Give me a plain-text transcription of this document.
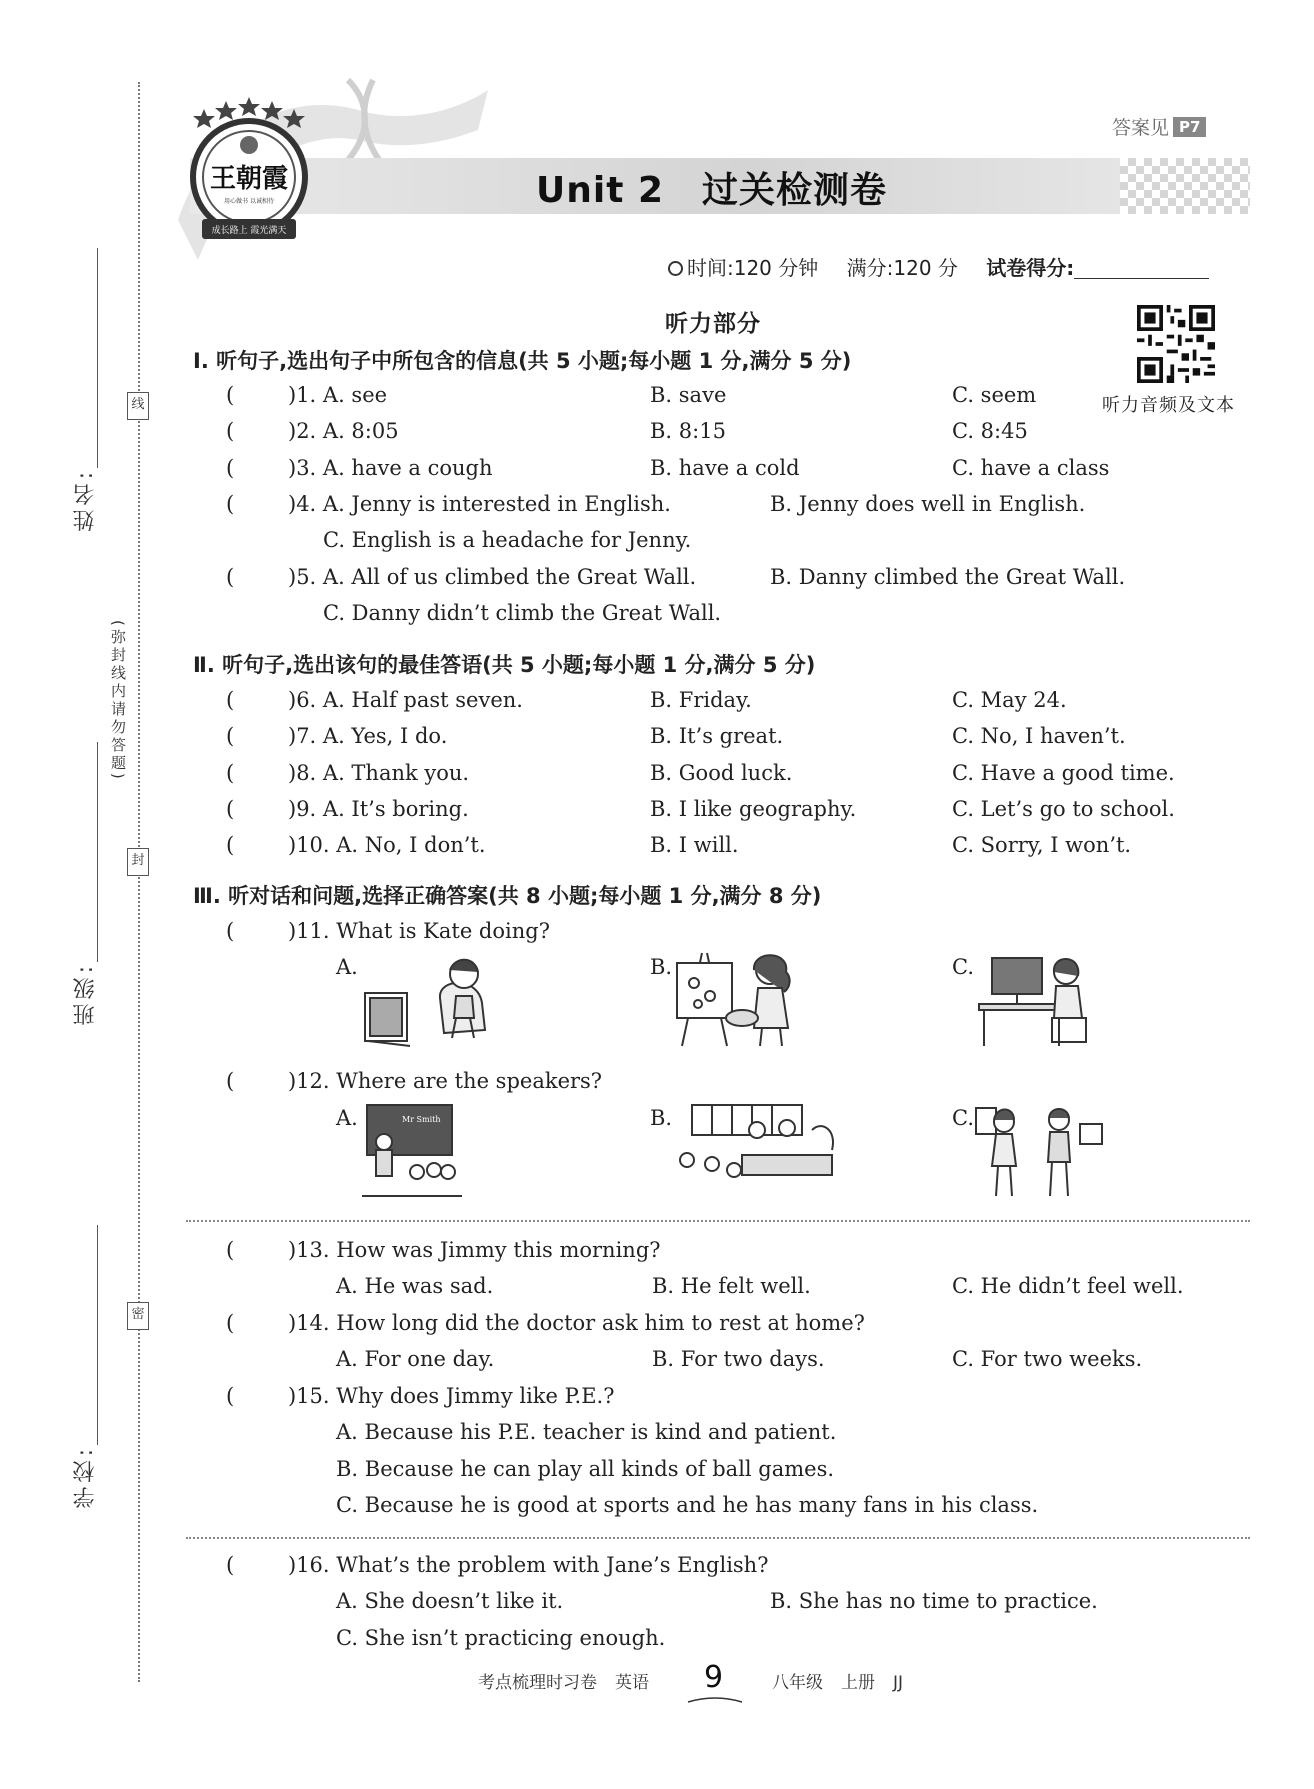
姓名:
班级:
学校:
线
封
密
(弥封线内请勿答题)
王朝霞
用心做书 以诚相待
成长路上 霞光满天
Unit 2 过关检测卷
答案见 P7
时间:120 分钟 满分:120 分 试卷得分:
听力音频及文本
听力部分
Ⅰ. 听句子,选出句子中所包含的信息(共 5 小题;每小题 1 分,满分 5 分)
(	)1. A. see	B. save	C. seem
(	)2. A. 8:05	B. 8:15	C. 8:45
(	)3. A. have a cough	B. have a cold	C. have a class
(	)4. A. Jenny is interested in English.	B. Jenny does well in English.
C. English is a headache for Jenny.
(	)5. A. All of us climbed the Great Wall.	B. Danny climbed the Great Wall.
C. Danny didn’t climb the Great Wall.
Ⅱ. 听句子,选出该句的最佳答语(共 5 小题;每小题 1 分,满分 5 分)
(	)6. A. Half past seven.	B. Friday.	C. May 24.
(	)7. A. Yes, I do.	B. It’s great.	C. No, I haven’t.
(	)8. A. Thank you.	B. Good luck.	C. Have a good time.
(	)9. A. It’s boring.	B. I like geography.	C. Let’s go to school.
(	)10. A. No, I don’t.	B. I will.	C. Sorry, I won’t.
Ⅲ. 听对话和问题,选择正确答案(共 8 小题;每小题 1 分,满分 8 分)
(	)11. What is Kate doing?
A.	B.	C.
(	)12. Where are the speakers?
A.	B.	C.
Mr Smith
(	)13. How was Jimmy this morning?
A. He was sad.	B. He felt well.	C. He didn’t feel well.
(	)14. How long did the doctor ask him to rest at home?
A. For one day.	B. For two days.	C. For two weeks.
(	)15. Why does Jimmy like P.E.?
A. Because his P.E. teacher is kind and patient.
B. Because he can play all kinds of ball games.
C. Because he is good at sports and he has many fans in his class.
(	)16. What’s the problem with Jane’s English?
A. She doesn’t like it.	B. She has no time to practice.
C. She isn’t practicing enough.
考点梳理时习卷 英语	9	八年级 上册 JJ
